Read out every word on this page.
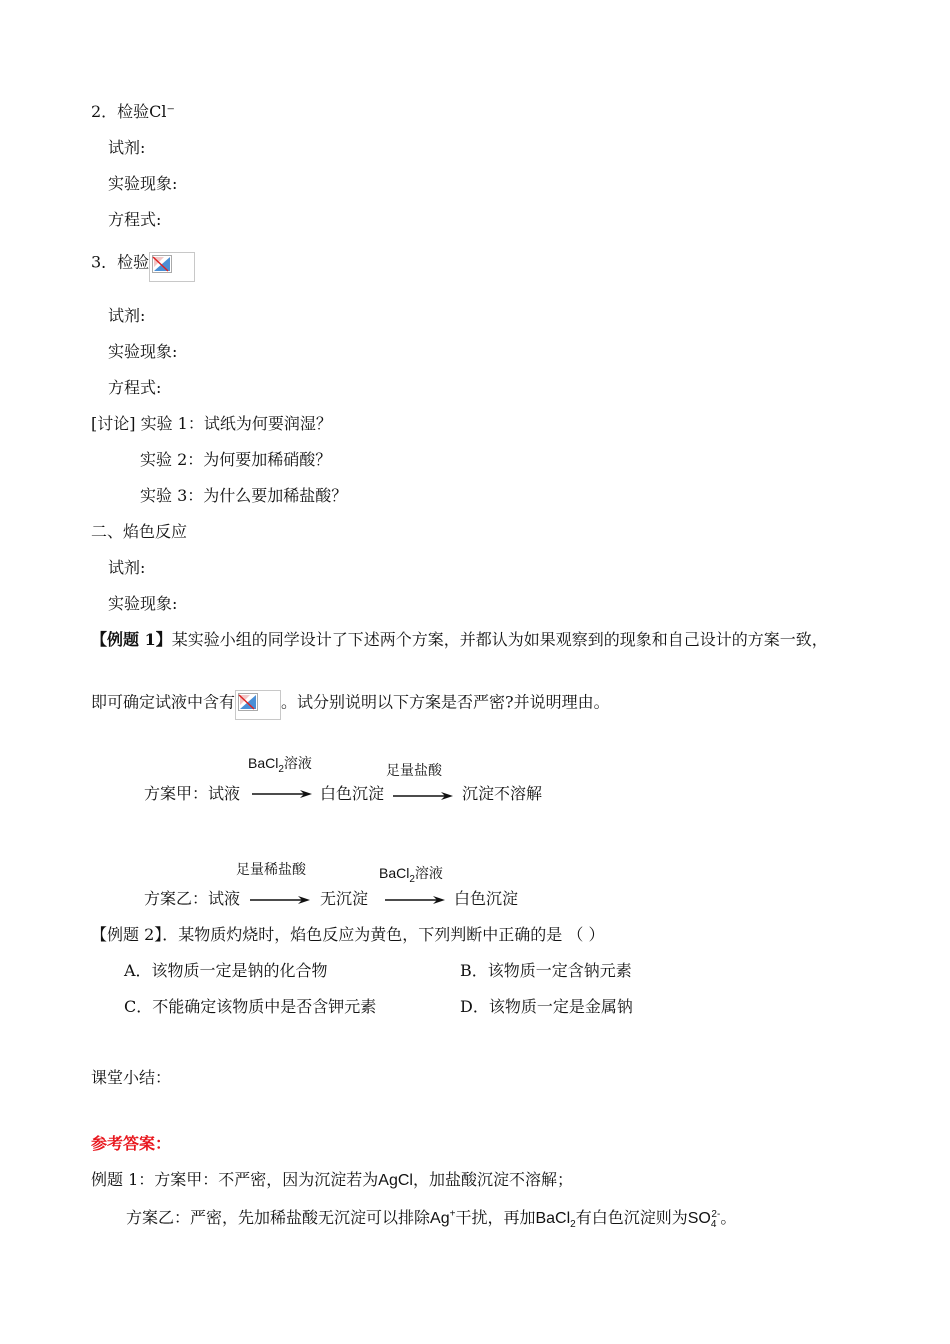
2．检验Cl⁻
试剂:
实验现象:
方程式:
3．检验
试剂:
实验现象:
方程式:
[讨论] 实验 1：试纸为何要润湿？
实验 2：为何要加稀硝酸？
实验 3：为什么要加稀盐酸？
二、焰色反应
试剂:
实验现象:
【例题 1】某实验小组的同学设计了下述两个方案，并都认为如果观察到的现象和自己设计的方案一致，
即可确定试液中含有	。试分别说明以下方案是否严密?并说明理由。
BaCl$_2$溶液	足量盐酸
方案甲：试液	白色沉淀	沉淀不溶解
足量稀盐酸	BaCl$_2$溶液
方案乙：试液	无沉淀	白色沉淀
【例题 2】．某物质灼烧时，焰色反应为黄色，下列判断中正确的是 （ ）
A．该物质一定是钠的化合物	B．该物质一定含钠元素
C．不能确定该物质中是否含钾元素	D．该物质一定是金属钠
课堂小结：
参考答案：
例题 1：方案甲：不严密，因为沉淀若为AgCl，加盐酸沉淀不溶解；
方案乙：严密，先加稀盐酸无沉淀可以排除Ag+干扰，再加BaCl$_2$有白色沉淀则为$SO_4^{2-}$。
